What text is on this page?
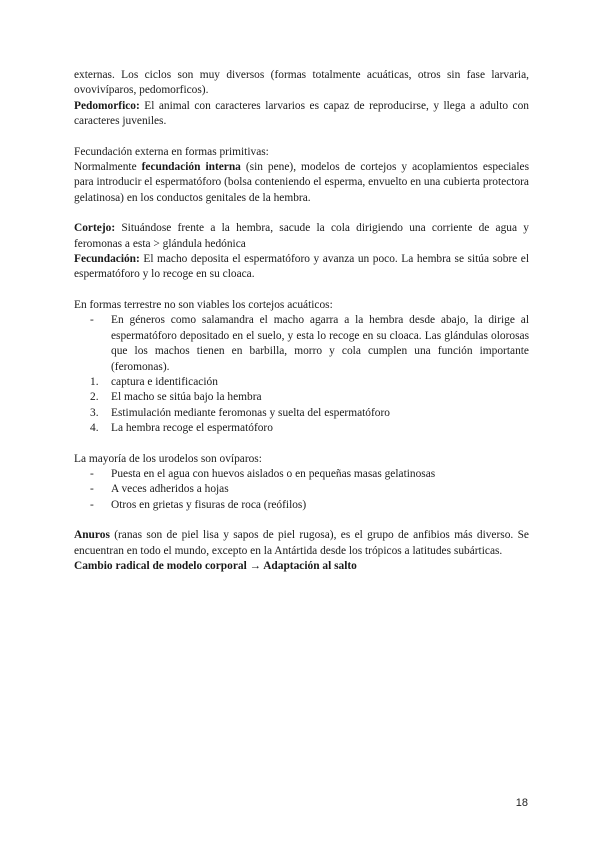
externas. Los ciclos son muy diversos (formas totalmente acuáticas, otros sin fase larvaria, ovovivíparos, pedomorficos).

Pedomorfico: El animal con caracteres larvarios es capaz de reproducirse, y llega a adulto con caracteres juveniles.

Fecundación externa en formas primitivas:

Normalmente fecundación interna (sin pene), modelos de cortejos y acoplamientos especiales para introducir el espermatóforo (bolsa conteniendo el esperma, envuelto en una cubierta protectora gelatinosa) en los conductos genitales de la hembra.

Cortejo: Situándose frente a la hembra, sacude la cola dirigiendo una corriente de agua y feromonas a esta > glándula hedónica

Fecundación: El macho deposita el espermatóforo y avanza un poco. La hembra se sitúa sobre el espermatóforo y lo recoge en su cloaca.

En formas terrestre no son viables los cortejos acuáticos:

- En géneros como salamandra el macho agarra a la hembra desde abajo, la dirige al espermatóforo depositado en el suelo, y esta lo recoge en su cloaca. Las glándulas olorosas que los machos tienen en barbilla, morro y cola cumplen una función importante (feromonas).
1. captura e identificación
2. El macho se sitúa bajo la hembra
3. Estimulación mediante feromonas y suelta del espermatóforo
4. La hembra recoge el espermatóforo

La mayoría de los urodelos son ovíparos:

- Puesta en el agua con huevos aislados o en pequeñas masas gelatinosas
- A veces adheridos a hojas
- Otros en grietas y fisuras de roca (reófilos)

Anuros (ranas son de piel lisa y sapos de piel rugosa), es el grupo de anfibios más diverso. Se encuentran en todo el mundo, excepto en la Antártida desde los trópicos a latitudes subárticas.

Cambio radical de modelo corporal → Adaptación al salto

18
